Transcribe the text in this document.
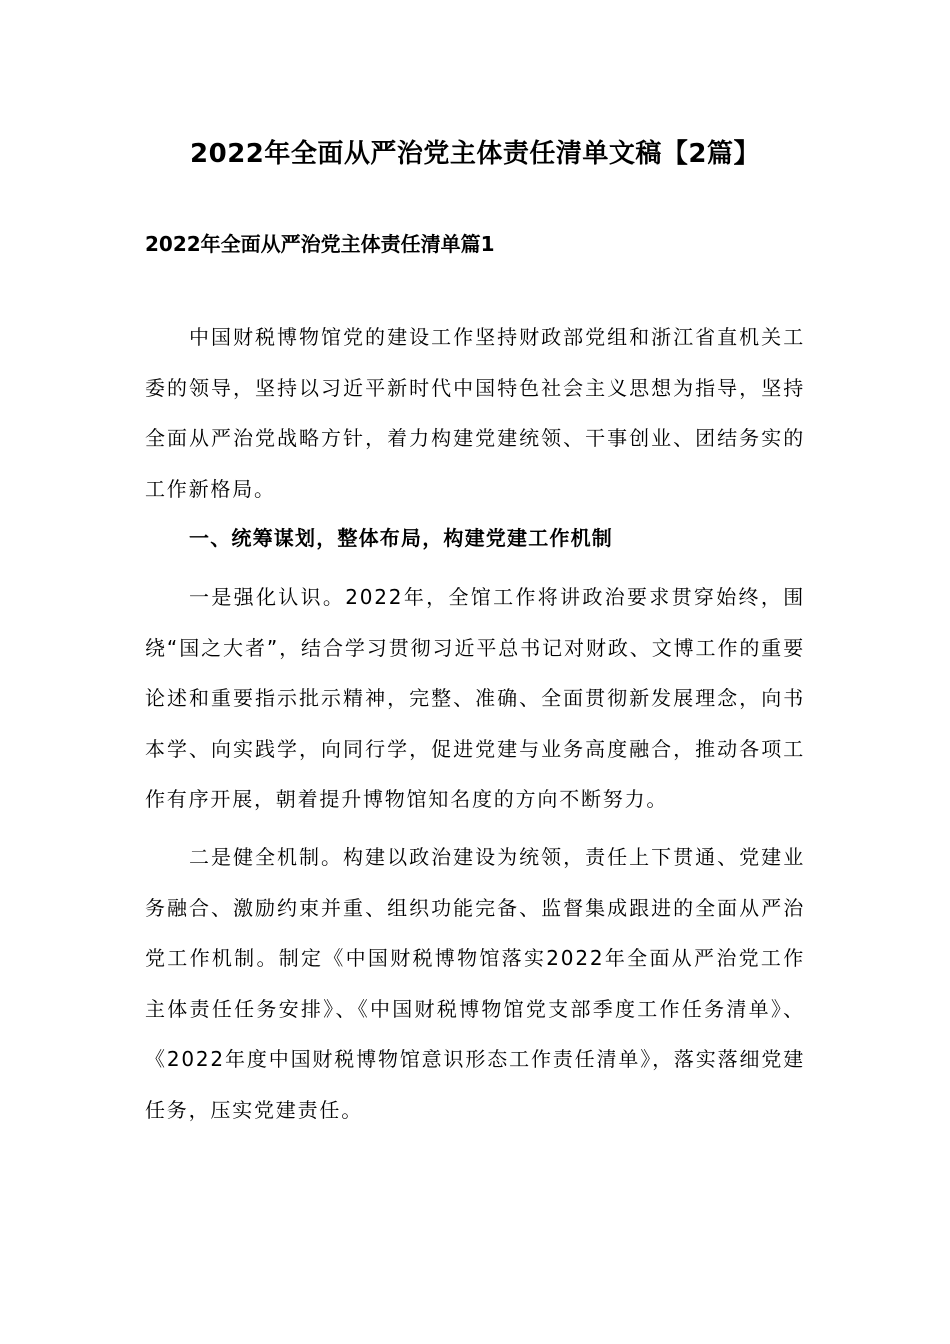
2022年全面从严治党主体责任清单文稿【2篇】
2022年全面从严治党主体责任清单篇1

中国财税博物馆党的建设工作坚持财政部党组和浙江省直机关工委的领导，坚持以习近平新时代中国特色社会主义思想为指导，坚持全面从严治党战略方针，着力构建党建统领、干事创业、团结务实的工作新格局。

一、统筹谋划，整体布局，构建党建工作机制

一是强化认识。2022年，全馆工作将讲政治要求贯穿始终，围绕“国之大者”，结合学习贯彻习近平总书记对财政、文博工作的重要论述和重要指示批示精神，完整、准确、全面贯彻新发展理念，向书本学、向实践学，向同行学，促进党建与业务高度融合，推动各项工作有序开展，朝着提升博物馆知名度的方向不断努力。

二是健全机制。构建以政治建设为统领，责任上下贯通、党建业务融合、激励约束并重、组织功能完备、监督集成跟进的全面从严治党工作机制。制定《中国财税博物馆落实2022年全面从严治党工作主体责任任务安排》、《中国财税博物馆党支部季度工作任务清单》、《2022年度中国财税博物馆意识形态工作责任清单》，落实落细党建任务，压实党建责任。
